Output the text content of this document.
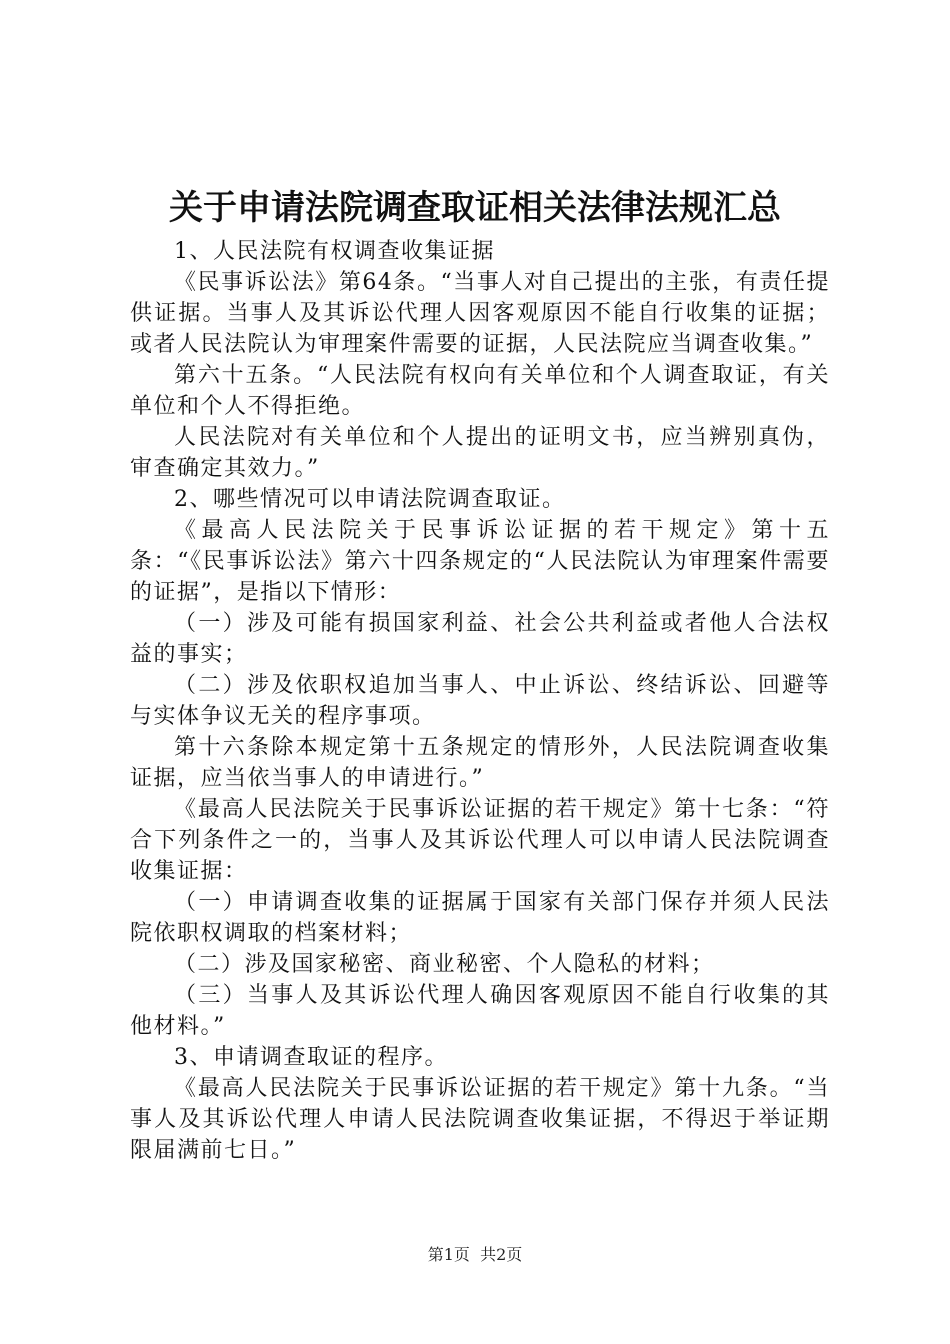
关于申请法院调查取证相关法律法规汇总

1、人民法院有权调查收集证据

《民事诉讼法》第64条。“当事人对自己提出的主张，有责任提供证据。当事人及其诉讼代理人因客观原因不能自行收集的证据；或者人民法院认为审理案件需要的证据，人民法院应当调查收集。”

第六十五条。“人民法院有权向有关单位和个人调查取证，有关单位和个人不得拒绝。

人民法院对有关单位和个人提出的证明文书，应当辨别真伪，审查确定其效力。”

2、哪些情况可以申请法院调查取证。

《最高人民法院关于民事诉讼证据的若干规定》第十五条：“《民事诉讼法》第六十四条规定的“人民法院认为审理案件需要的证据”，是指以下情形：

（一）涉及可能有损国家利益、社会公共利益或者他人合法权益的事实；

（二）涉及依职权追加当事人、中止诉讼、终结诉讼、回避等与实体争议无关的程序事项。

第十六条除本规定第十五条规定的情形外，人民法院调查收集证据，应当依当事人的申请进行。”

《最高人民法院关于民事诉讼证据的若干规定》第十七条：“符合下列条件之一的，当事人及其诉讼代理人可以申请人民法院调查收集证据：

（一）申请调查收集的证据属于国家有关部门保存并须人民法院依职权调取的档案材料；

（二）涉及国家秘密、商业秘密、个人隐私的材料；

（三）当事人及其诉讼代理人确因客观原因不能自行收集的其他材料。”

3、申请调查取证的程序。

《最高人民法院关于民事诉讼证据的若干规定》第十九条。“当事人及其诉讼代理人申请人民法院调查收集证据，不得迟于举证期限届满前七日。”

第1页 共2页
